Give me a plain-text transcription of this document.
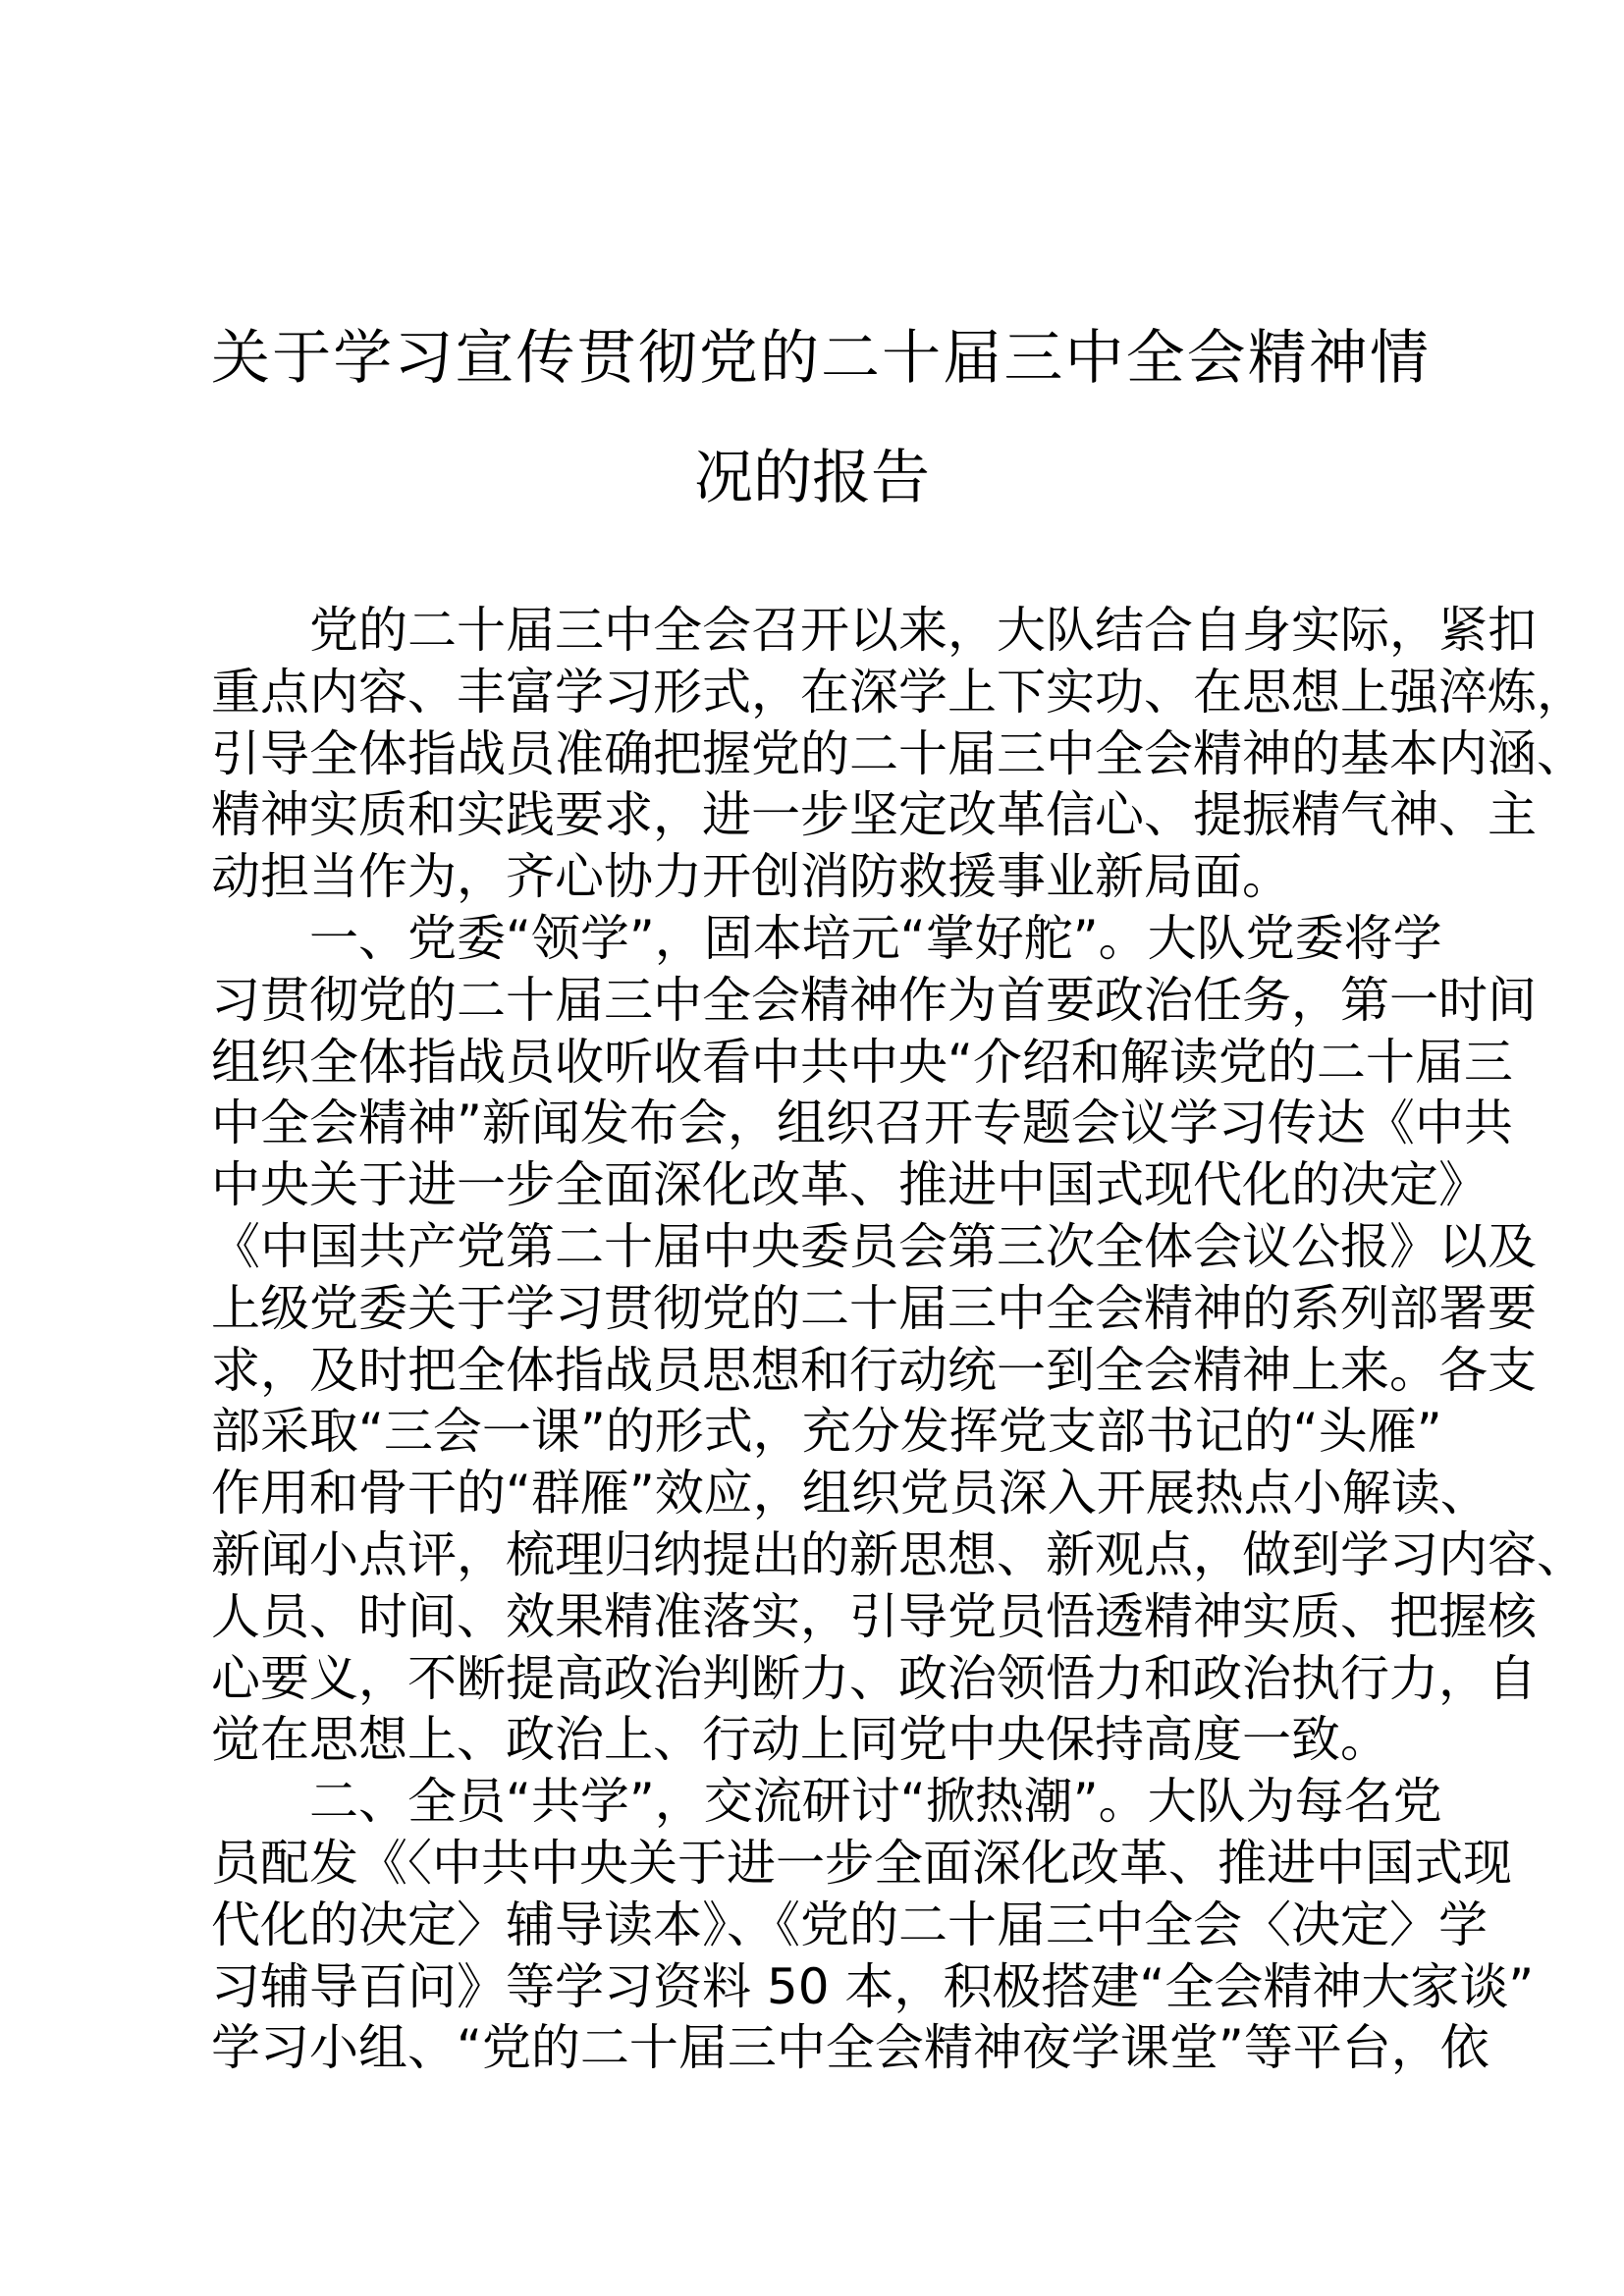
关于学习宣传贯彻党的二十届三中全会精神情
况的报告
党的二十届三中全会召开以来，大队结合自身实际，紧扣
重点内容、丰富学习形式，在深学上下实功、在思想上强淬炼，
引导全体指战员准确把握党的二十届三中全会精神的基本内涵、
精神实质和实践要求，进一步坚定改革信心、提振精气神、主
动担当作为，齐心协力开创消防救援事业新局面。
一、党委“领学”，固本培元“掌好舵”。大队党委将学
习贯彻党的二十届三中全会精神作为首要政治任务，第一时间
组织全体指战员收听收看中共中央“介绍和解读党的二十届三
中全会精神”新闻发布会，组织召开专题会议学习传达《中共
中央关于进一步全面深化改革、推进中国式现代化的决定》
《中国共产党第二十届中央委员会第三次全体会议公报》以及
上级党委关于学习贯彻党的二十届三中全会精神的系列部署要
求，及时把全体指战员思想和行动统一到全会精神上来。各支
部采取“三会一课”的形式，充分发挥党支部书记的“头雁”
作用和骨干的“群雁”效应，组织党员深入开展热点小解读、
新闻小点评，梳理归纳提出的新思想、新观点，做到学习内容、
人员、时间、效果精准落实，引导党员悟透精神实质、把握核
心要义，不断提高政治判断力、政治领悟力和政治执行力，自
觉在思想上、政治上、行动上同党中央保持高度一致。
二、全员“共学”，交流研讨“掀热潮”。大队为每名党
员配发《〈中共中央关于进一步全面深化改革、推进中国式现
代化的决定〉辅导读本》、《党的二十届三中全会〈决定〉学
习辅导百问》等学习资料 50 本，积极搭建“全会精神大家谈”
学习小组、“党的二十届三中全会精神夜学课堂”等平台，依
